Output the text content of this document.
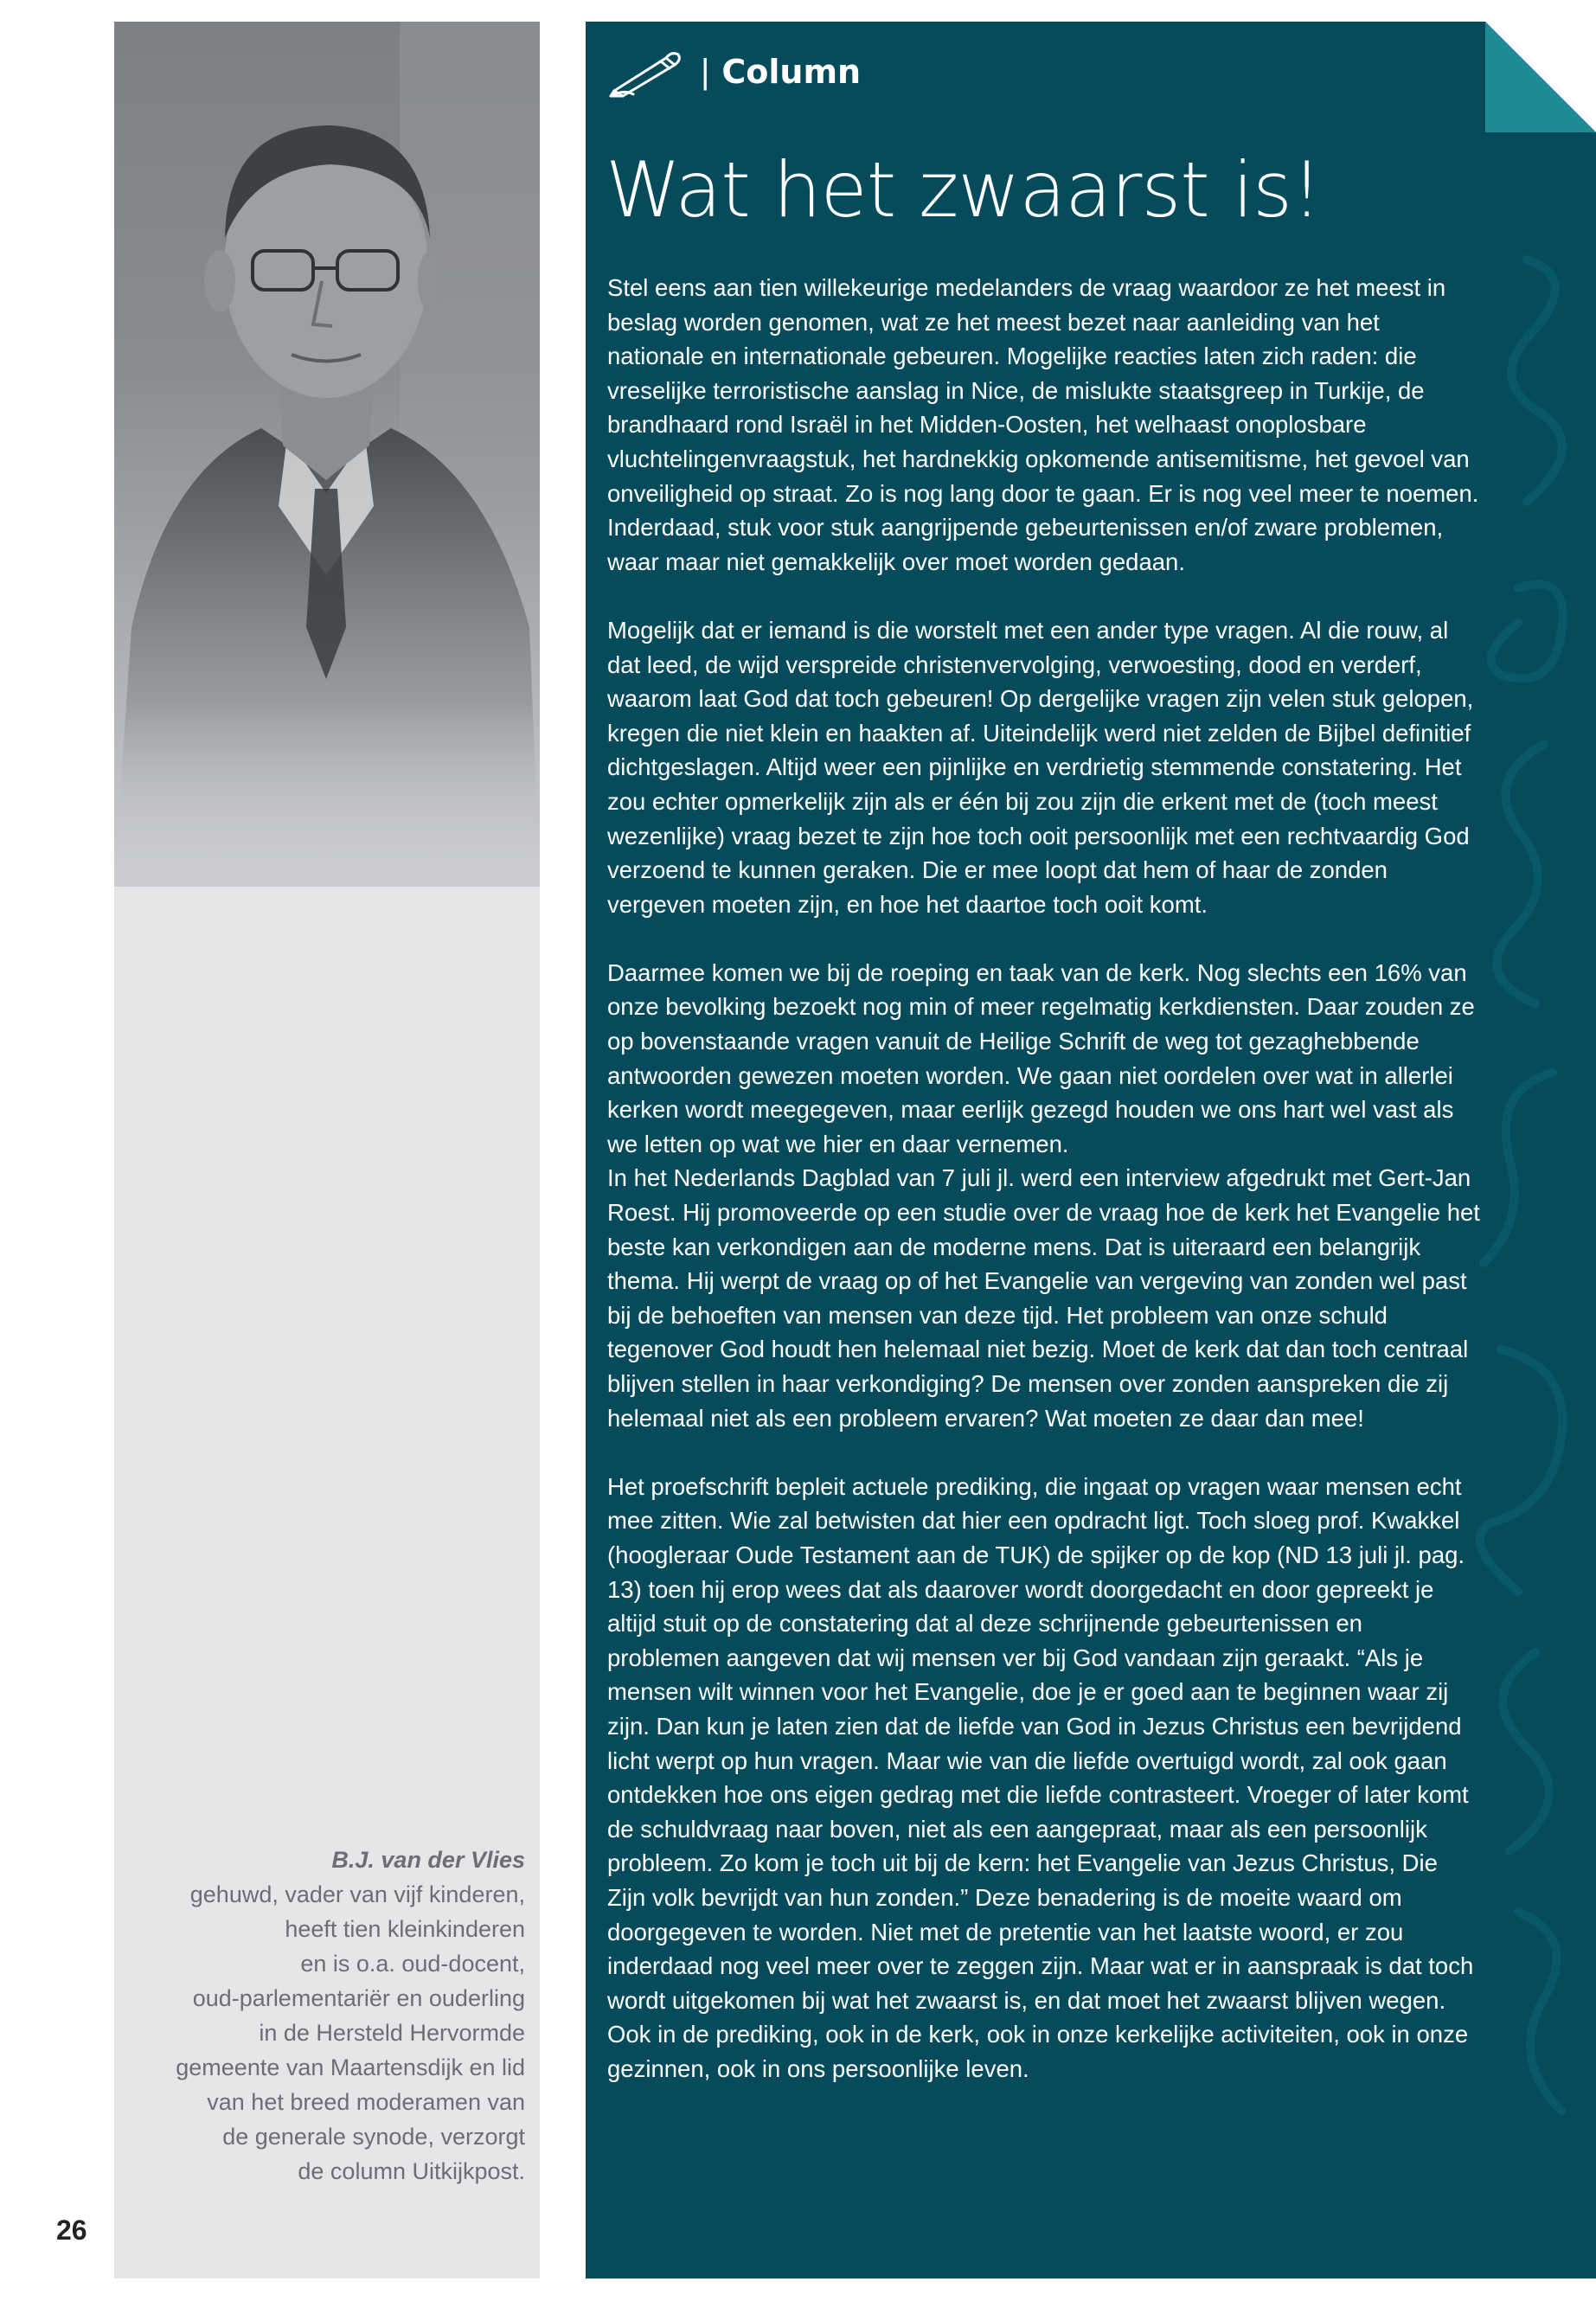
B.J. van der Vlies
gehuwd, vader van vijf kinderen,
heeft tien kleinkinderen
en is o.a. oud-docent,
oud-parlementariër en ouderling
in de Hersteld Hervormde
gemeente van Maartensdijk en lid
van het breed moderamen van
de generale synode, verzorgt
de column Uitkijkpost.
26
| Column
Wat het zwaarst is!

Stel eens aan tien willekeurige medelanders de vraag waardoor ze het meest in beslag worden genomen, wat ze het meest bezet naar aanleiding van het nationale en internationale gebeuren. Mogelijke reacties laten zich raden: die vreselijke terroristische aanslag in Nice, de mislukte staatsgreep in Turkije, de brandhaard rond Israël in het Midden-Oosten, het welhaast onoplosbare vluchtelingenvraagstuk, het hardnekkig opkomende antisemitisme, het gevoel van onveiligheid op straat. Zo is nog lang door te gaan. Er is nog veel meer te noemen. Inderdaad, stuk voor stuk aangrijpende gebeurtenissen en/of zware problemen, waar maar niet gemakkelijk over moet worden gedaan.

Mogelijk dat er iemand is die worstelt met een ander type vragen. Al die rouw, al dat leed, de wijd verspreide christenvervolging, verwoesting, dood en verderf, waarom laat God dat toch gebeuren! Op dergelijke vragen zijn velen stuk gelopen, kregen die niet klein en haakten af. Uiteindelijk werd niet zelden de Bijbel definitief dichtgeslagen. Altijd weer een pijnlijke en verdrietig stemmende constatering. Het zou echter opmerkelijk zijn als er één bij zou zijn die erkent met de (toch meest wezenlijke) vraag bezet te zijn hoe toch ooit persoonlijk met een rechtvaardig God verzoend te kunnen geraken. Die er mee loopt dat hem of haar de zonden vergeven moeten zijn, en hoe het daartoe toch ooit komt.

Daarmee komen we bij de roeping en taak van de kerk. Nog slechts een 16% van onze bevolking bezoekt nog min of meer regelmatig kerkdiensten. Daar zouden ze op bovenstaande vragen vanuit de Heilige Schrift de weg tot gezaghebbende antwoorden gewezen moeten worden. We gaan niet oordelen over wat in allerlei kerken wordt meegegeven, maar eerlijk gezegd houden we ons hart wel vast als we letten op wat we hier en daar vernemen.

In het Nederlands Dagblad van 7 juli jl. werd een interview afgedrukt met Gert-Jan Roest. Hij promoveerde op een studie over de vraag hoe de kerk het Evangelie het beste kan verkondigen aan de moderne mens. Dat is uiteraard een belangrijk thema. Hij werpt de vraag op of het Evangelie van vergeving van zonden wel past bij de behoeften van mensen van deze tijd. Het probleem van onze schuld tegenover God houdt hen helemaal niet bezig. Moet de kerk dat dan toch centraal blijven stellen in haar verkondiging? De mensen over zonden aanspreken die zij helemaal niet als een probleem ervaren? Wat moeten ze daar dan mee!

Het proefschrift bepleit actuele prediking, die ingaat op vragen waar mensen echt mee zitten. Wie zal betwisten dat hier een opdracht ligt. Toch sloeg prof. Kwakkel (hoogleraar Oude Testament aan de TUK) de spijker op de kop (ND 13 juli jl. pag. 13) toen hij erop wees dat als daarover wordt doorgedacht en door gepreekt je altijd stuit op de constatering dat al deze schrijnende gebeurtenissen en problemen aangeven dat wij mensen ver bij God vandaan zijn geraakt. “Als je mensen wilt winnen voor het Evangelie, doe je er goed aan te beginnen waar zij zijn. Dan kun je laten zien dat de liefde van God in Jezus Christus een bevrijdend licht werpt op hun vragen. Maar wie van die liefde overtuigd wordt, zal ook gaan ontdekken hoe ons eigen gedrag met die liefde contrasteert. Vroeger of later komt de schuldvraag naar boven, niet als een aangepraat, maar als een persoonlijk probleem. Zo kom je toch uit bij de kern: het Evangelie van Jezus Christus, Die Zijn volk bevrijdt van hun zonden.” Deze benadering is de moeite waard om doorgegeven te worden. Niet met de pretentie van het laatste woord, er zou inderdaad nog veel meer over te zeggen zijn. Maar wat er in aanspraak is dat toch wordt uitgekomen bij wat het zwaarst is, en dat moet het zwaarst blijven wegen. Ook in de prediking, ook in de kerk, ook in onze kerkelijke activiteiten, ook in onze gezinnen, ook in ons persoonlijke leven.
